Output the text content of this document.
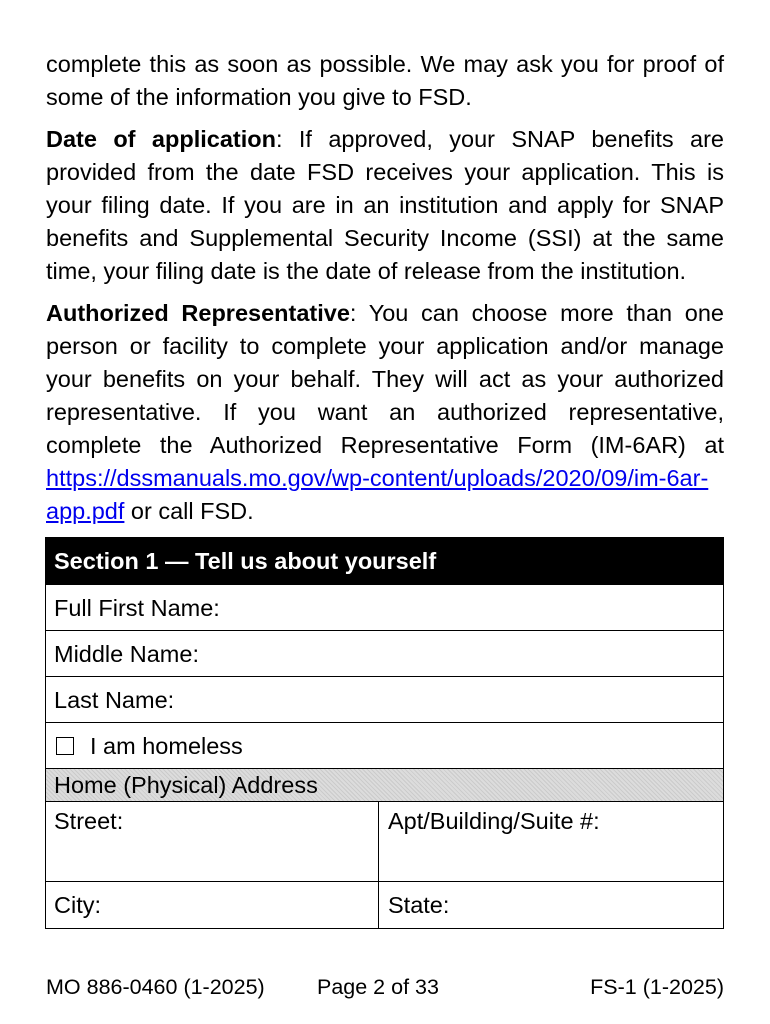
complete this as soon as possible. We may ask you for proof of some of the information you give to FSD.

Date of application: If approved, your SNAP benefits are provided from the date FSD receives your application. This is your filing date. If you are in an institution and apply for SNAP benefits and Supplemental Security Income (SSI) at the same time, your filing date is the date of release from the institution.

Authorized Representative: You can choose more than one person or facility to complete your application and/or manage your benefits on your behalf. They will act as your authorized representative. If you want an authorized representative, complete the Authorized Representative Form (IM-6AR) at https://dssmanuals.mo.gov/wp-content/uploads/2020/09/im-6ar-app.pdf or call FSD.

Section 1 — Tell us about yourself
Full First Name:
Middle Name:
Last Name:
I am homeless
Home (Physical) Address
Street:	Apt/Building/Suite #:
City:	State:
MO 886-0460 (1-2025) Page 2 of 33	FS-1 (1-2025)
